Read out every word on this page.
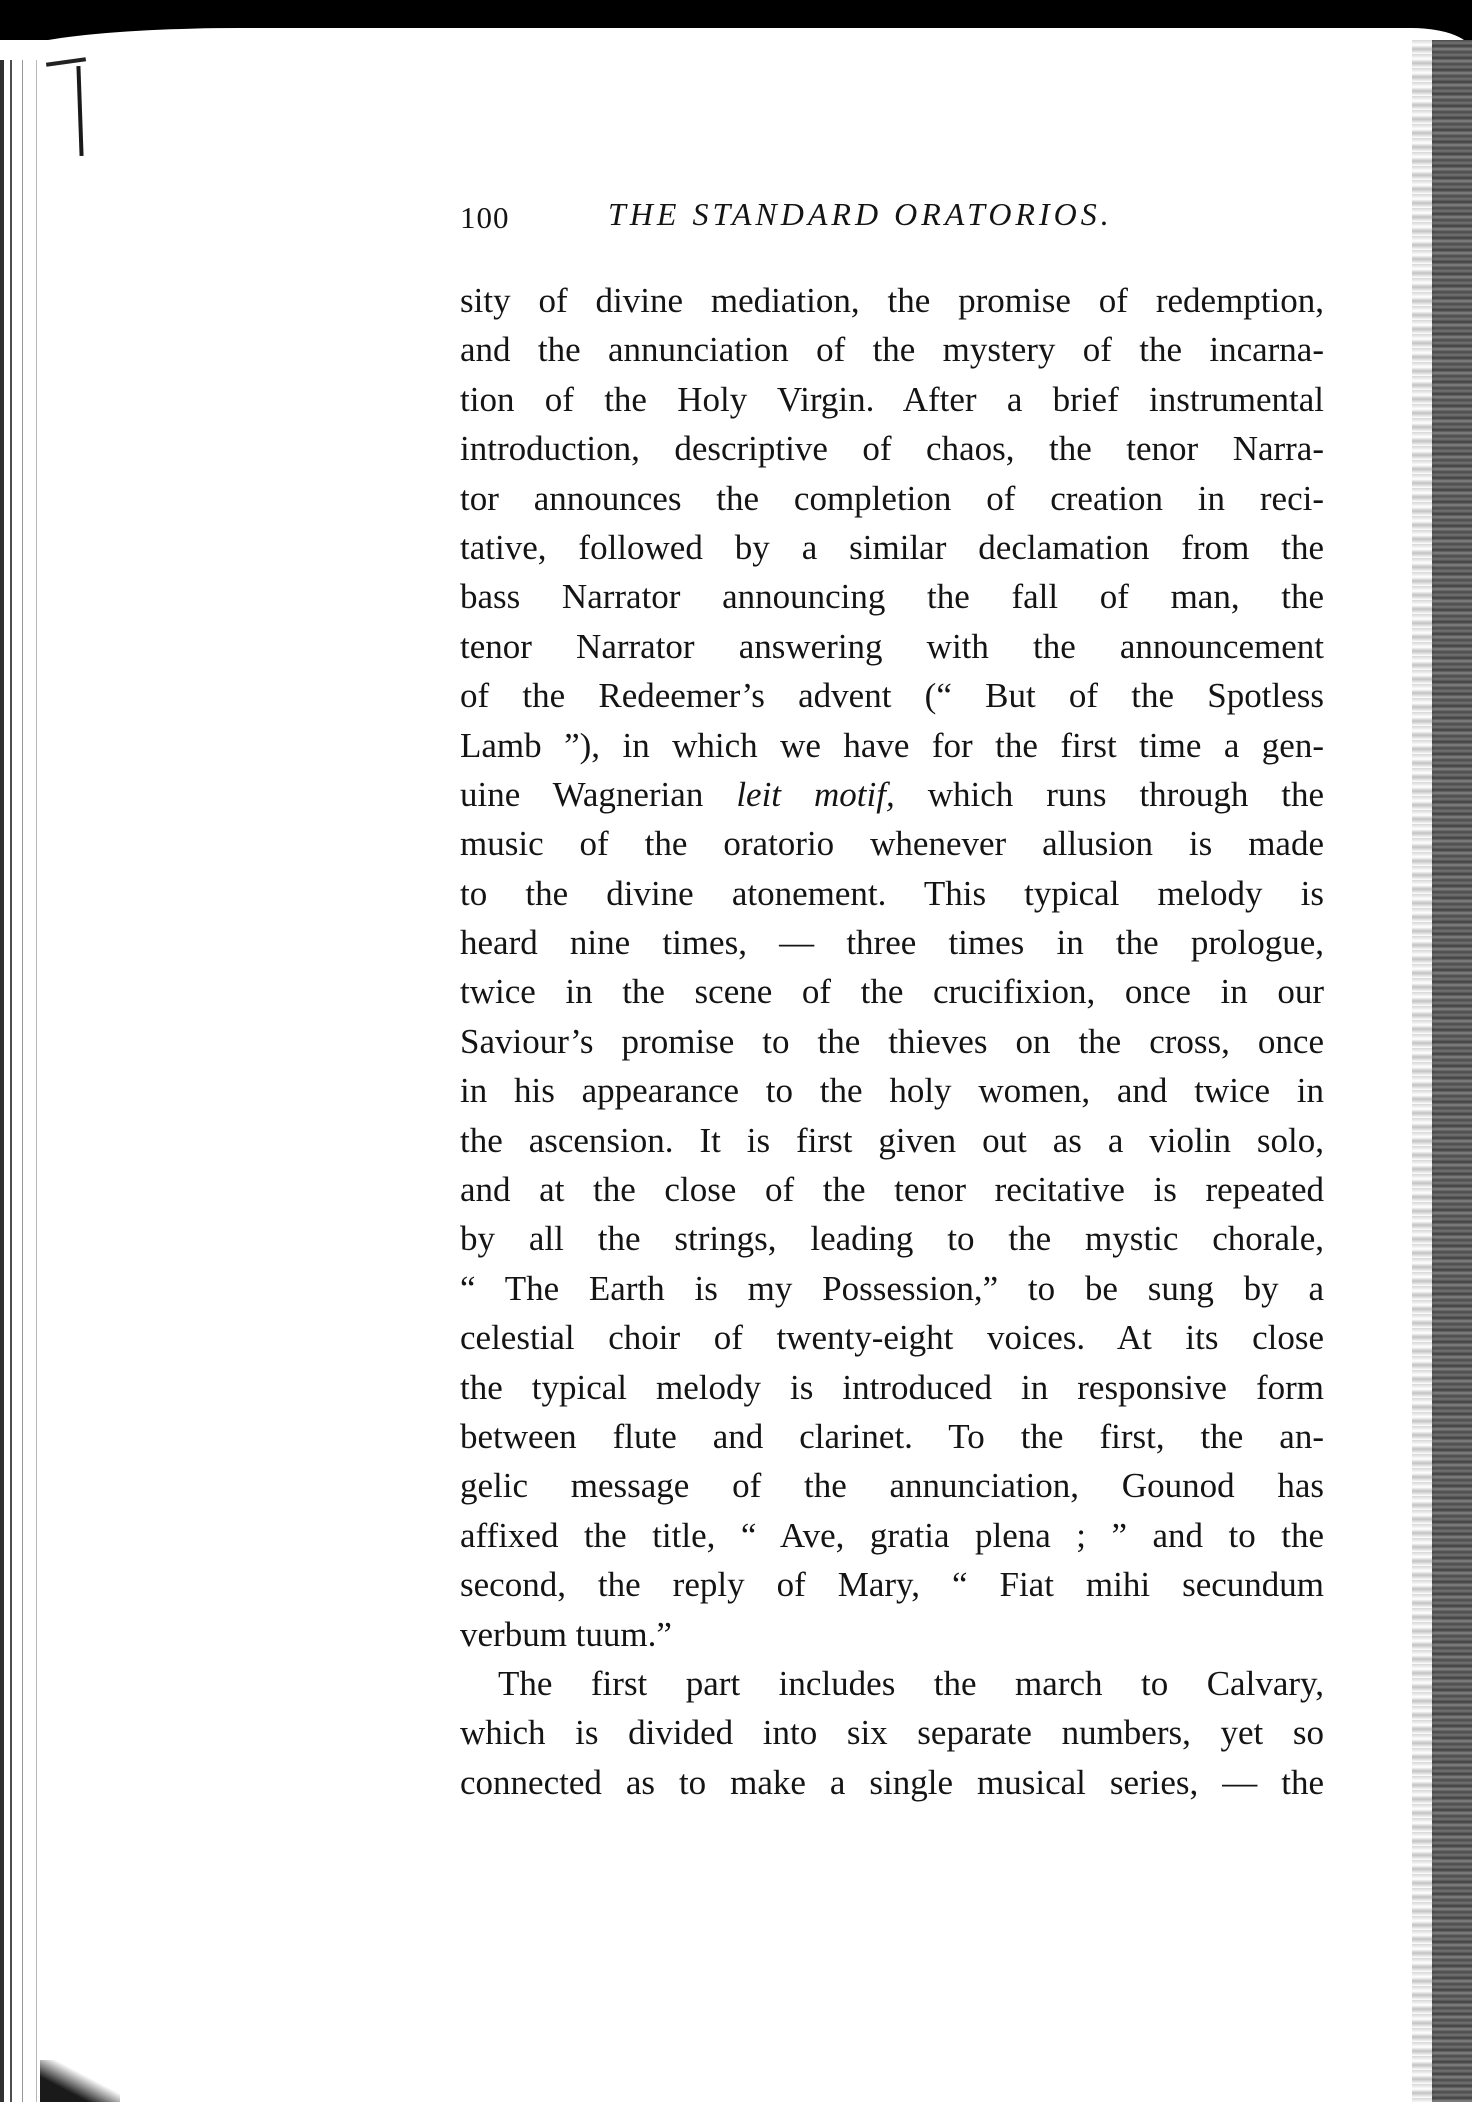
100	THE STANDARD ORATORIOS.
sity of divine mediation, the promise of redemption,
and the annunciation of the mystery of the incarna-
tion of the Holy Virgin. After a brief instrumental
introduction, descriptive of chaos, the tenor Narra-
tor announces the completion of creation in reci-
tative, followed by a similar declamation from the
bass Narrator announcing the fall of man, the
tenor Narrator answering with the announcement
of the Redeemer’s advent (“ But of the Spotless
Lamb ”), in which we have for the first time a gen-
uine Wagnerian leit motif, which runs through the
music of the oratorio whenever allusion is made
to the divine atonement. This typical melody is
heard nine times, — three times in the prologue,
twice in the scene of the crucifixion, once in our
Saviour’s promise to the thieves on the cross, once
in his appearance to the holy women, and twice in
the ascension. It is first given out as a violin solo,
and at the close of the tenor recitative is repeated
by all the strings, leading to the mystic chorale,
“ The Earth is my Possession,” to be sung by a
celestial choir of twenty-eight voices. At its close
the typical melody is introduced in responsive form
between flute and clarinet. To the first, the an-
gelic message of the annunciation, Gounod has
affixed the title, “ Ave, gratia plena ; ” and to the
second, the reply of Mary, “ Fiat mihi secundum
verbum tuum.”
The first part includes the march to Calvary,
which is divided into six separate numbers, yet so
connected as to make a single musical series, — the
